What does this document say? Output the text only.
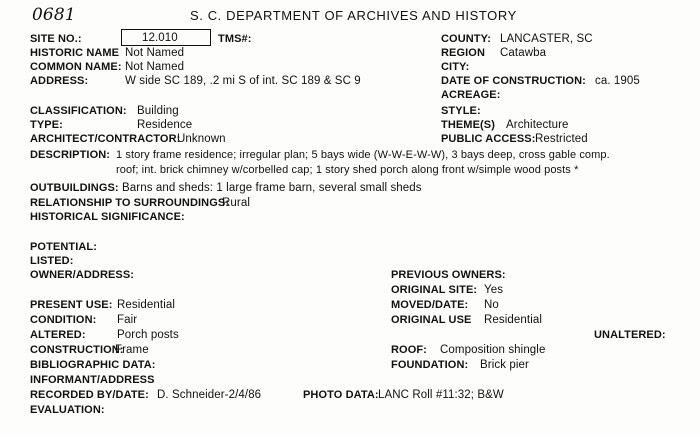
0681	S. C. DEPARTMENT OF ARCHIVES AND HISTORY
SITE NO.:	12.010	TMS#:	COUNTY: LANCASTER, SC
HISTORIC NAME Not Named	REGION Catawba
COMMON NAME: Not Named	CITY:
ADDRESS:	W side SC 189, .2 mi S of int. SC 189 & SC 9	DATE OF CONSTRUCTION: ca. 1905
ACREAGE:
CLASSIFICATION: Building	STYLE:
TYPE:	Residence	THEME(S) Architecture
ARCHITECT/CONTRACTOR:
Unknown	PUBLIC ACCESS: Restricted
DESCRIPTION: 1 story frame residence; irregular plan; 5 bays wide (W-W-E-W-W), 3 bays deep, cross gable comp.
roof; int. brick chimney w/corbelled cap; 1 story shed porch along front w/simple wood posts *
OUTBUILDINGS: Barns and sheds: 1 large frame barn, several small sheds
RELATIONSHIP TO SURROUNDINGS:
Rural
HISTORICAL SIGNIFICANCE:
POTENTIAL:
LISTED:
OWNER/ADDRESS:	PREVIOUS OWNERS:
ORIGINAL SITE: Yes
PRESENT USE: Residential	MOVED/DATE: No
CONDITION: Fair	ORIGINAL USE Residential
ALTERED:	Porch posts	UNALTERED:
CONSTRUCTION:
Frame	ROOF: Composition shingle
BIBLIOGRAPHIC DATA:	FOUNDATION: Brick pier
INFORMANT/ADDRESS
RECORDED BY/DATE: D. Schneider-2/4/86	PHOTO DATA: LANC Roll #11:32; B&W
EVALUATION:
